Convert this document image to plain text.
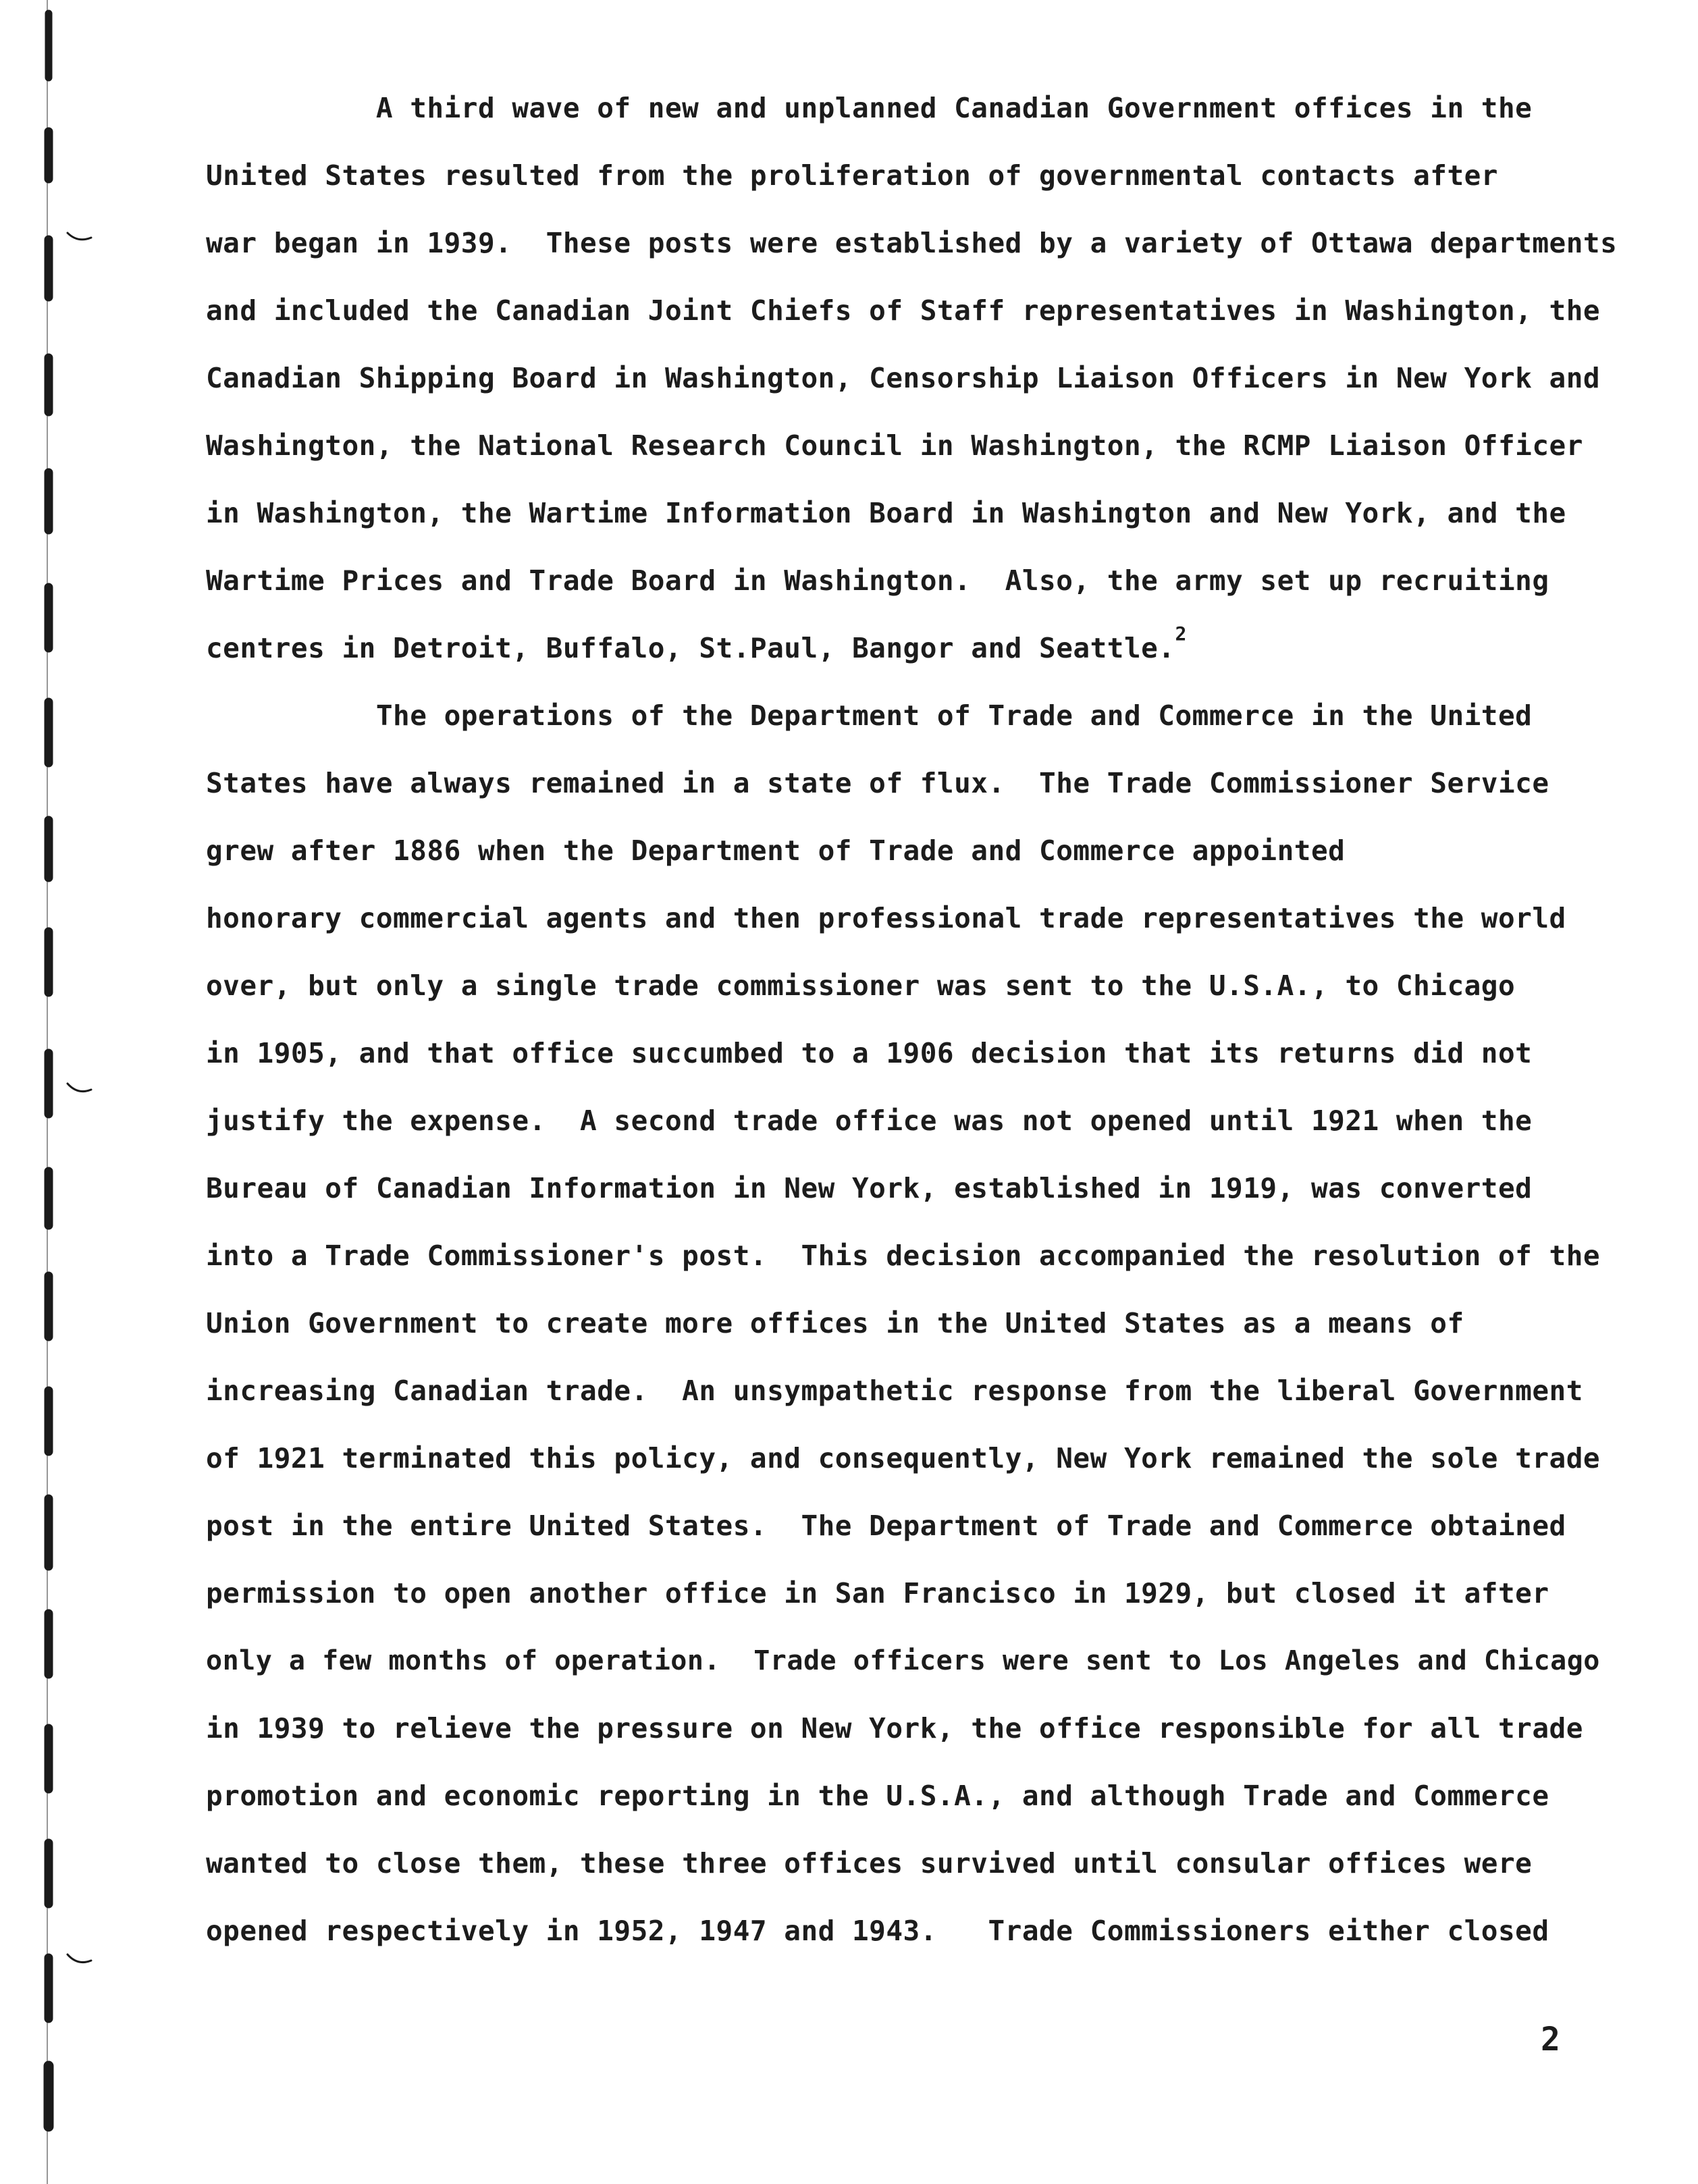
A third wave of new and unplanned Canadian Government offices in the
United States resulted from the proliferation of governmental contacts after
war began in 1939.  These posts were established by a variety of Ottawa departments
and included the Canadian Joint Chiefs of Staff representatives in Washington, the
Canadian Shipping Board in Washington, Censorship Liaison Officers in New York and
Washington, the National Research Council in Washington, the RCMP Liaison Officer
in Washington, the Wartime Information Board in Washington and New York, and the
Wartime Prices and Trade Board in Washington.  Also, the army set up recruiting
centres in Detroit, Buffalo, St.Paul, Bangor and Seattle.$^2$
The operations of the Department of Trade and Commerce in the United
States have always remained in a state of flux.  The Trade Commissioner Service
grew after 1886 when the Department of Trade and Commerce appointed
honorary commercial agents and then professional trade representatives the world
over, but only a single trade commissioner was sent to the U.S.A., to Chicago
in 1905, and that office succumbed to a 1906 decision that its returns did not
justify the expense.  A second trade office was not opened until 1921 when the
Bureau of Canadian Information in New York, established in 1919, was converted
into a Trade Commissioner's post.  This decision accompanied the resolution of the
Union Government to create more offices in the United States as a means of
increasing Canadian trade.  An unsympathetic response from the liberal Government
of 1921 terminated this policy, and consequently, New York remained the sole trade
post in the entire United States.  The Department of Trade and Commerce obtained
permission to open another office in San Francisco in 1929, but closed it after
only a few months of operation.  Trade officers were sent to Los Angeles and Chicago
in 1939 to relieve the pressure on New York, the office responsible for all trade
promotion and economic reporting in the U.S.A., and although Trade and Commerce
wanted to close them, these three offices survived until consular offices were
opened respectively in 1952, 1947 and 1943.   Trade Commissioners either closed
2
